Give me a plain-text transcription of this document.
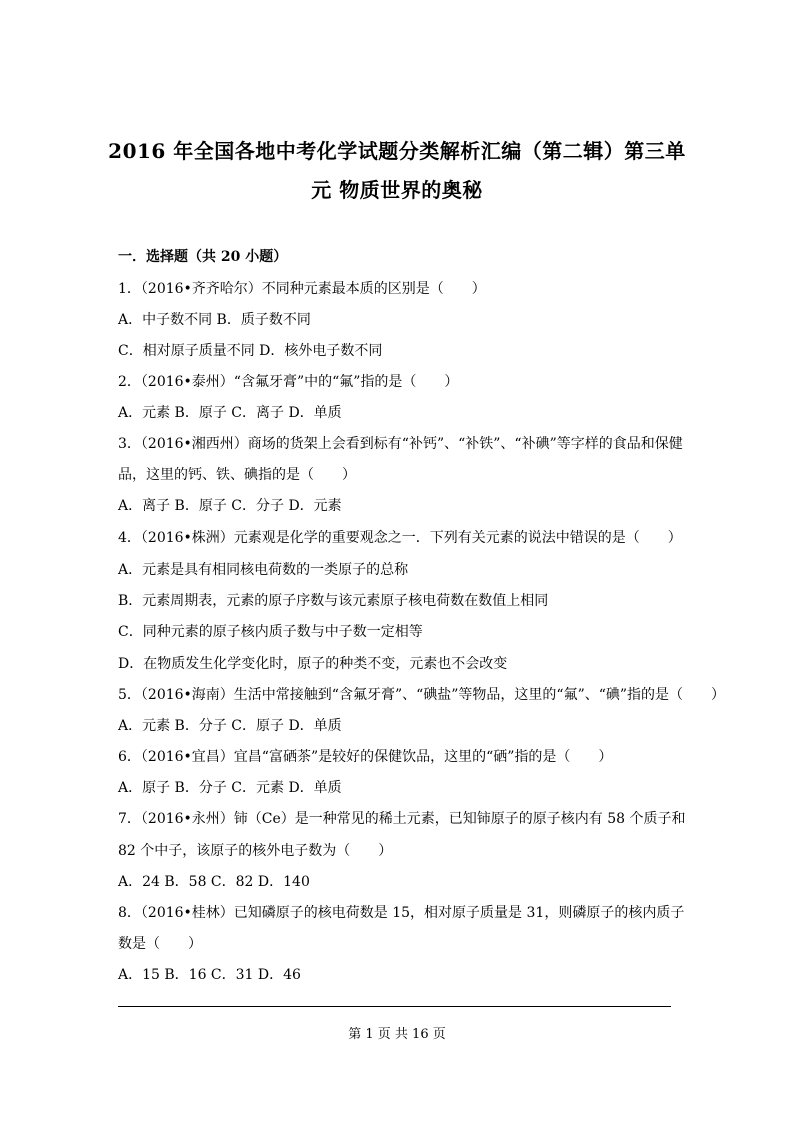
2016 年全国各地中考化学试题分类解析汇编（第二辑）第三单
元 物质世界的奥秘
一．选择题（共 20 小题）
1．（2016•齐齐哈尔）不同种元素最本质的区别是（　　）
A．中子数不同 B．质子数不同
C．相对原子质量不同 D．核外电子数不同
2．（2016•泰州）“含氟牙膏”中的“氟”指的是（　　）
A．元素 B．原子 C．离子 D．单质
3．（2016•湘西州）商场的货架上会看到标有“补钙”、“补铁”、“补碘”等字样的食品和保健
品，这里的钙、铁、碘指的是（　　）
A．离子 B．原子 C．分子 D．元素
4．（2016•株洲）元素观是化学的重要观念之一．下列有关元素的说法中错误的是（　　）
A．元素是具有相同核电荷数的一类原子的总称
B．元素周期表，元素的原子序数与该元素原子核电荷数在数值上相同
C．同种元素的原子核内质子数与中子数一定相等
D．在物质发生化学变化时，原子的种类不变，元素也不会改变
5．（2016•海南）生活中常接触到“含氟牙膏”、“碘盐”等物品，这里的“氟”、“碘”指的是（　　）
A．元素 B．分子 C．原子 D．单质
6．（2016•宜昌）宜昌“富硒茶”是较好的保健饮品，这里的“硒”指的是（　　）
A．原子 B．分子 C．元素 D．单质
7．（2016•永州）铈（Ce）是一种常见的稀土元素，已知铈原子的原子核内有 58 个质子和
82 个中子，该原子的核外电子数为（　　）
A．24 B．58 C．82 D．140
8．（2016•桂林）已知磷原子的核电荷数是 15，相对原子质量是 31，则磷原子的核内质子
数是（　　）
A．15 B．16 C．31 D．46
第 1 页 共 16 页
